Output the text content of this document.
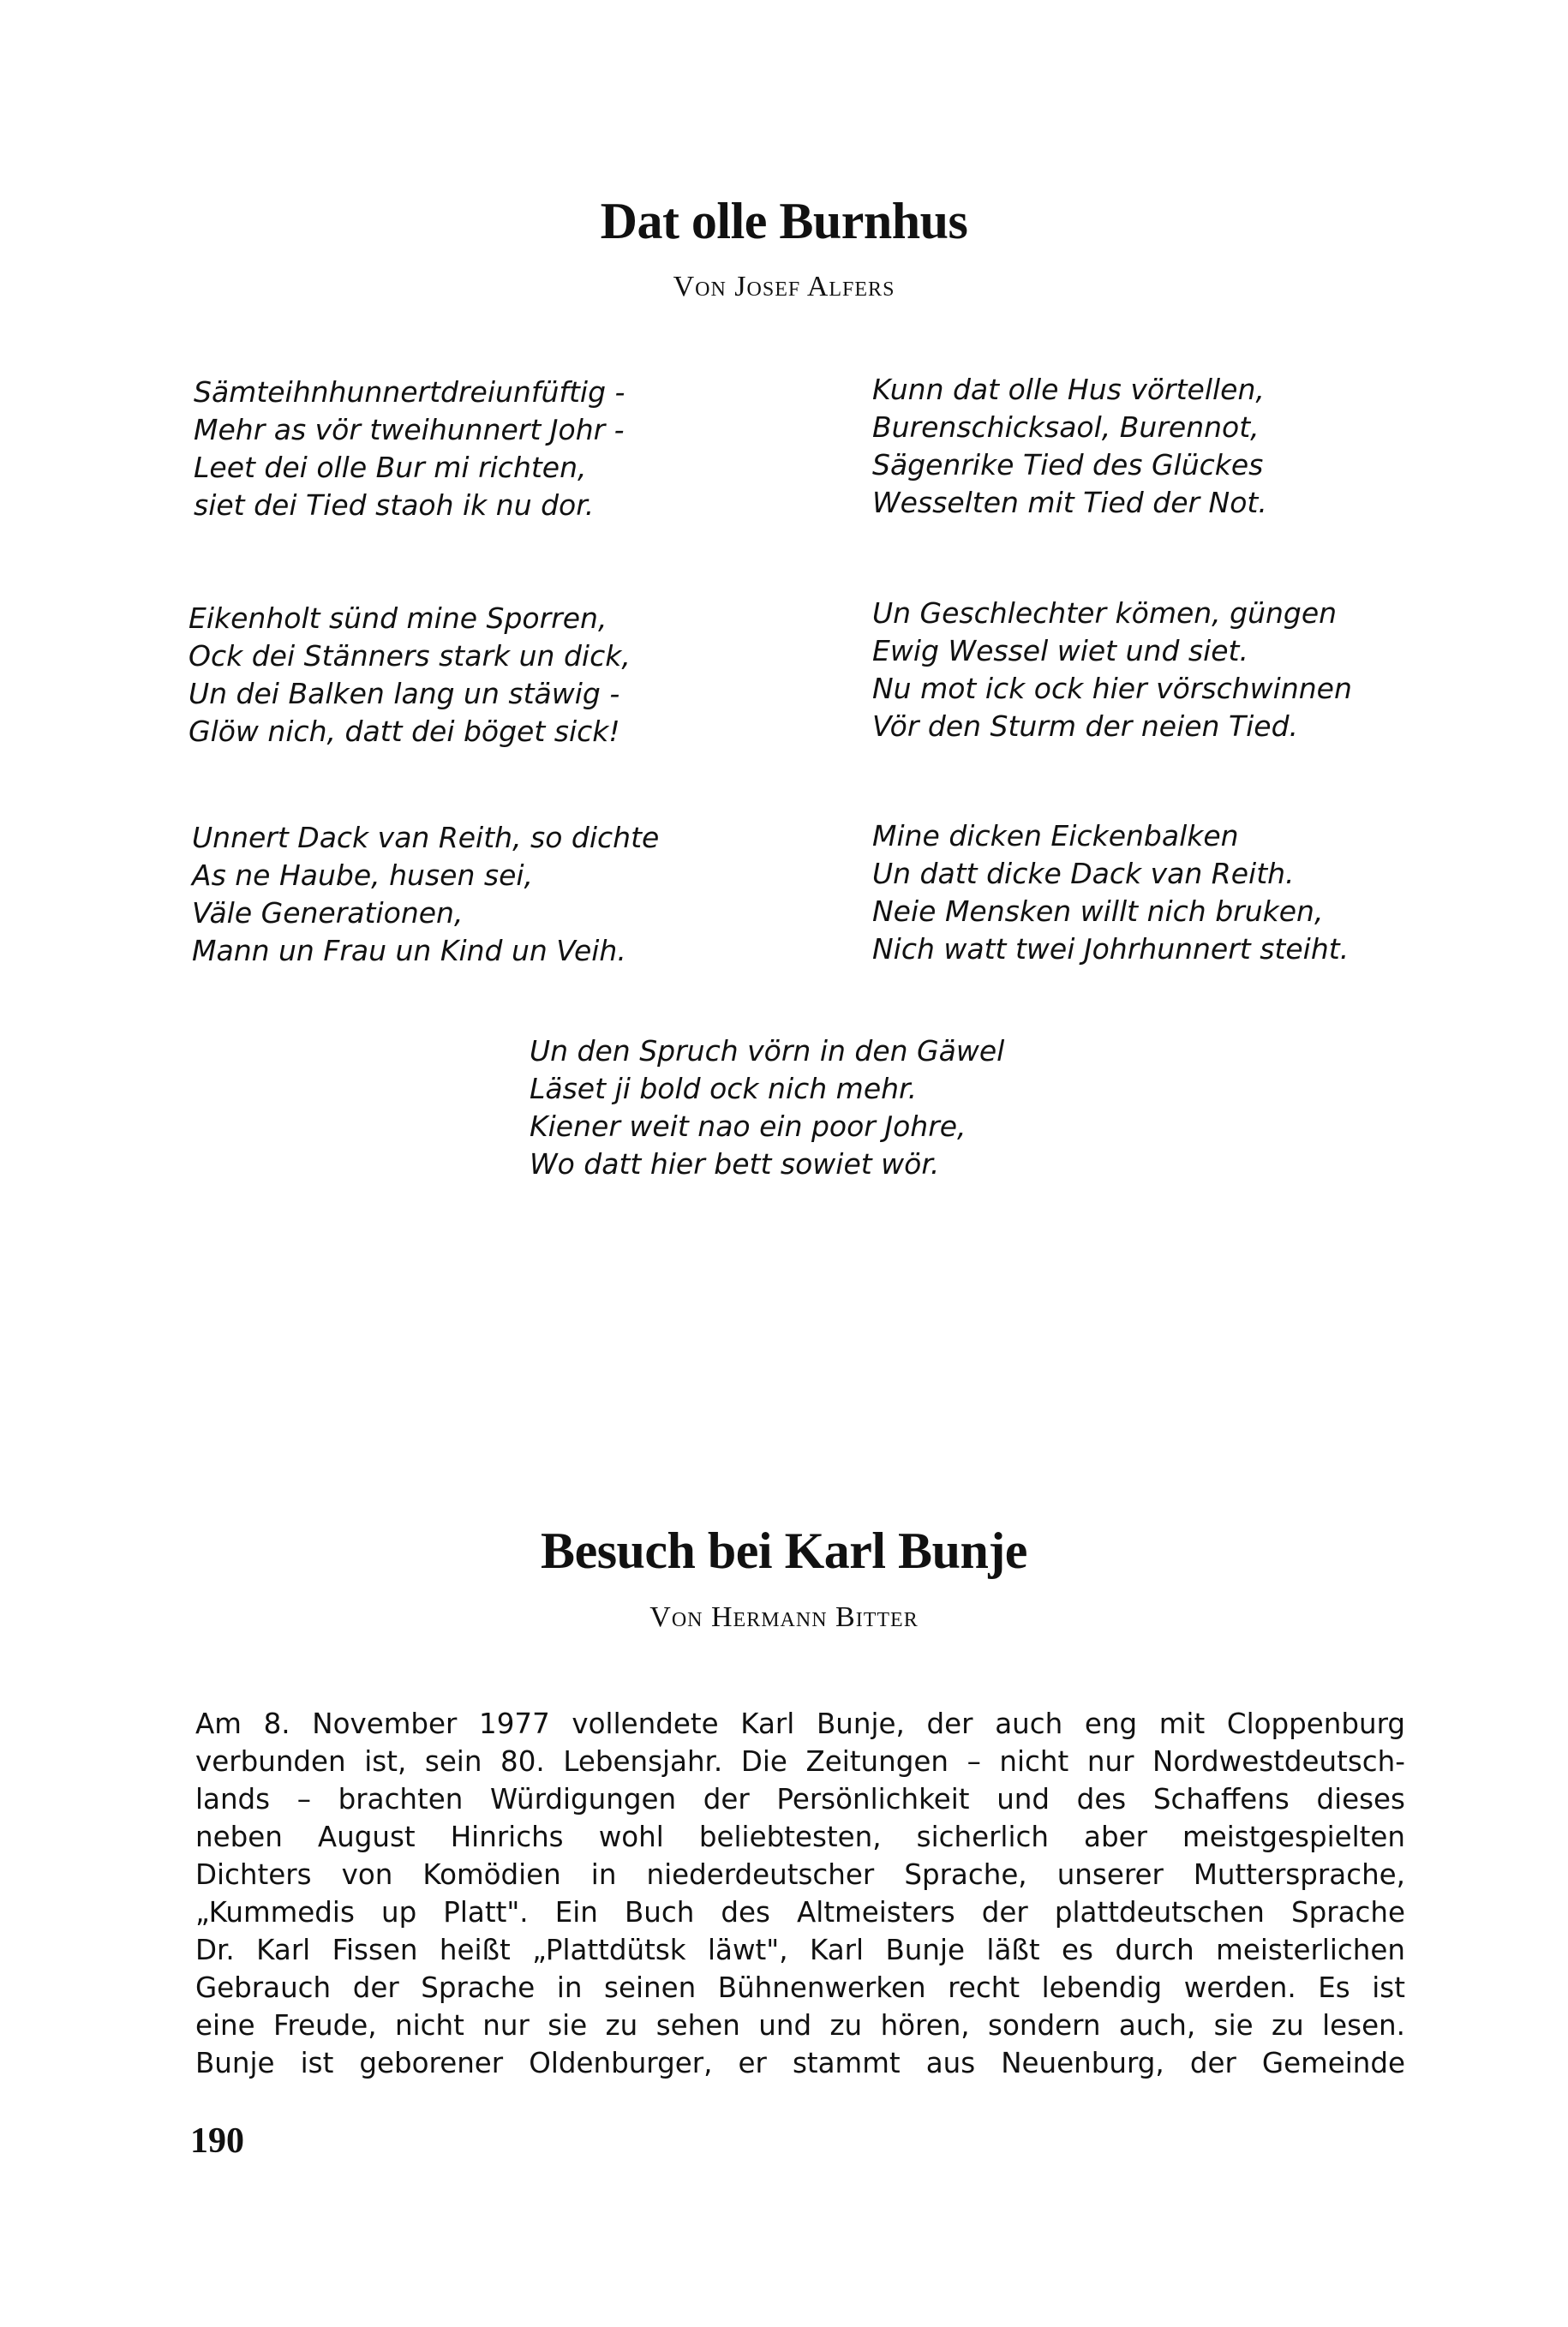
Dat olle Burnhus
Von Josef Alfers
Sämteihnhunnertdreiunfüftig -
Mehr as vör tweihunnert Johr -
Leet dei olle Bur mi richten,
siet dei Tied staoh ik nu dor.
Kunn dat olle Hus vörtellen,
Burenschicksaol, Burennot,
Sägenrike Tied des Glückes
Wesselten mit Tied der Not.
Eikenholt sünd mine Sporren,
Ock dei Stänners stark un dick,
Un dei Balken lang un stäwig -
Glöw nich, datt dei böget sick!
Un Geschlechter kömen, güngen
Ewig Wessel wiet und siet.
Nu mot ick ock hier vörschwinnen
Vör den Sturm der neien Tied.
Unnert Dack van Reith, so dichte
As ne Haube, husen sei,
Väle Generationen,
Mann un Frau un Kind un Veih.
Mine dicken Eickenbalken
Un datt dicke Dack van Reith.
Neie Mensken willt nich bruken,
Nich watt twei Johrhunnert steiht.
Un den Spruch vörn in den Gäwel
Läset ji bold ock nich mehr.
Kiener weit nao ein poor Johre,
Wo datt hier bett sowiet wör.
Besuch bei Karl Bunje
Von Hermann Bitter
Am 8. November 1977 vollendete Karl Bunje, der auch eng mit Cloppenburg
verbunden ist, sein 80. Lebensjahr. Die Zeitungen – nicht nur Nordwestdeutsch-
lands – brachten Würdigungen der Persönlichkeit und des Schaffens dieses
neben August Hinrichs wohl beliebtesten, sicherlich aber meistgespielten
Dichters von Komödien in niederdeutscher Sprache, unserer Muttersprache,
„Kummedis up Platt". Ein Buch des Altmeisters der plattdeutschen Sprache
Dr. Karl Fissen heißt „Plattdütsk läwt", Karl Bunje läßt es durch meisterlichen
Gebrauch der Sprache in seinen Bühnenwerken recht lebendig werden. Es ist
eine Freude, nicht nur sie zu sehen und zu hören, sondern auch, sie zu lesen.
Bunje ist geborener Oldenburger, er stammt aus Neuenburg, der Gemeinde
190
